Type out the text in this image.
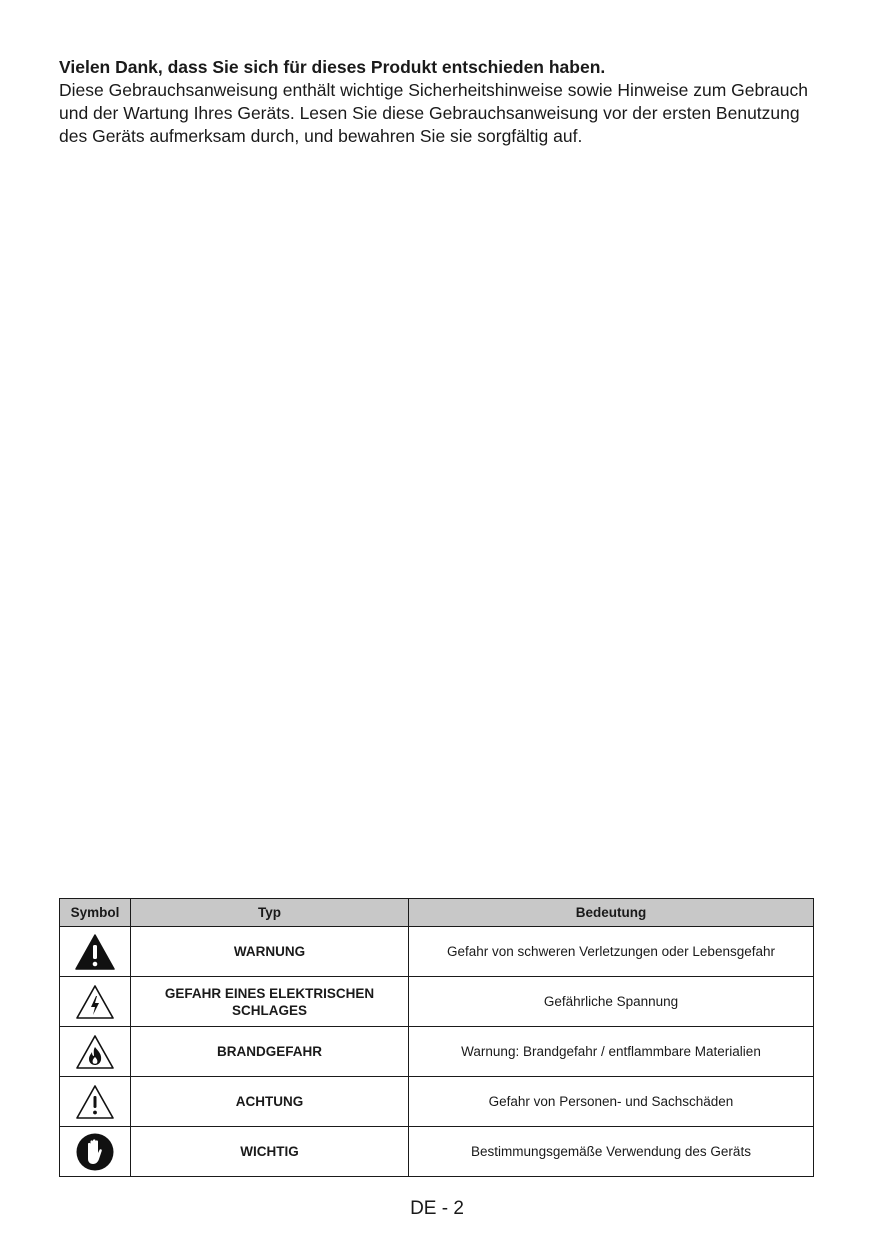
Vielen Dank, dass Sie sich für dieses Produkt entschieden haben.

Diese Gebrauchsanweisung enthält wichtige Sicherheitshinweise sowie Hinweise zum Gebrauch und der Wartung Ihres Geräts. Lesen Sie diese Gebrauchsanweisung vor der ersten Benutzung des Geräts aufmerksam durch, und bewahren Sie sie sorgfältig auf.

Symbol	Typ	Bedeutung

	WARNUNG	Gefahr von schweren Verletzungen oder Lebensgefahr

	GEFAHR EINES ELEKTRISCHEN SCHLAGES	Gefährliche Spannung

	BRANDGEFAHR	Warnung: Brandgefahr / entflammbare Materialien

	ACHTUNG	Gefahr von Personen- und Sachschäden

	WICHTIG	Bestimmungsgemäße Verwendung des Geräts
DE - 2
